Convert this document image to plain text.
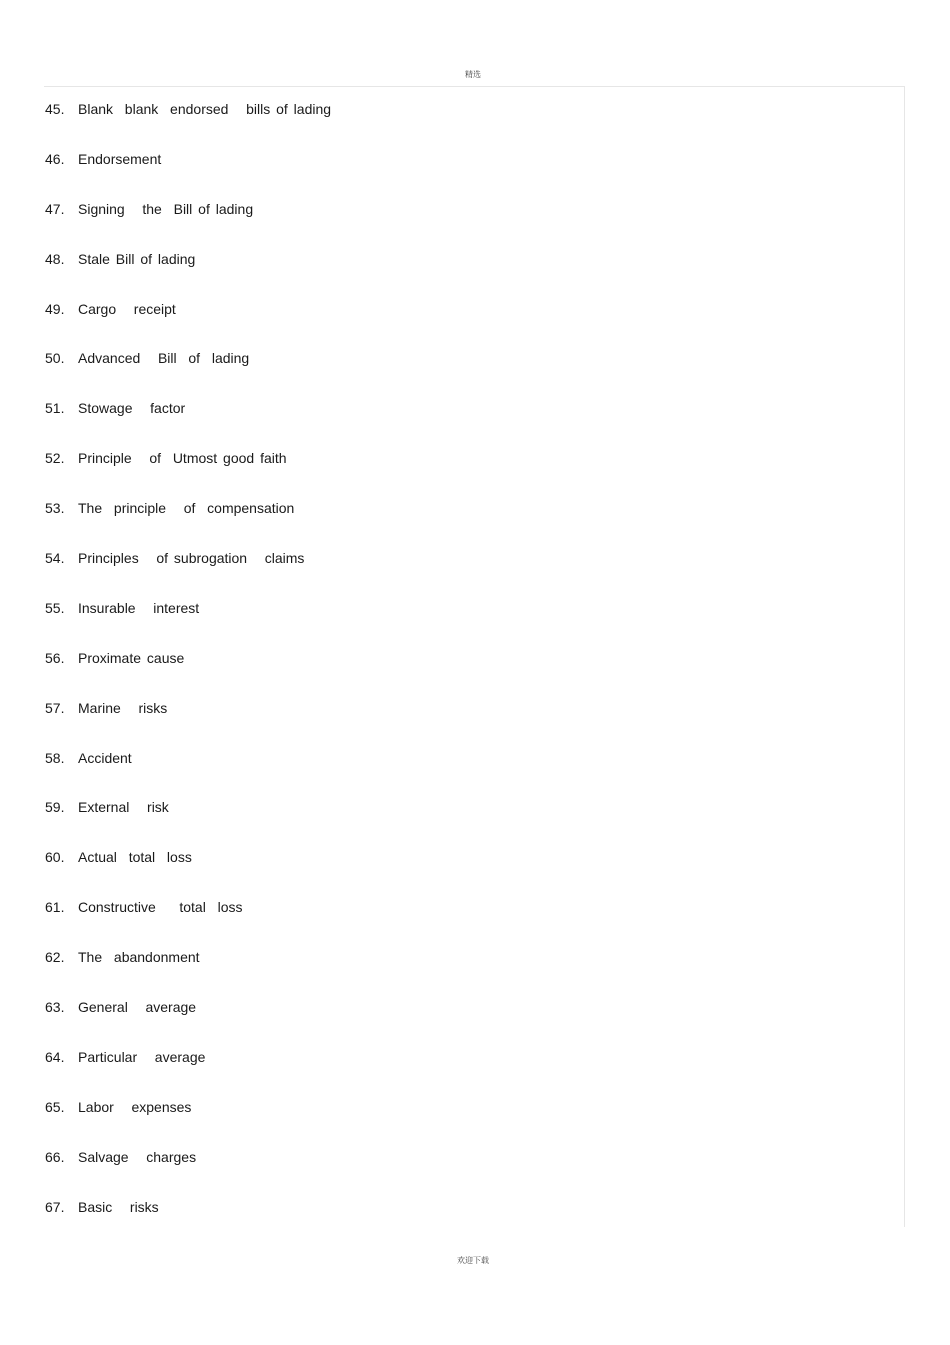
精选
45. Blank  blank  endorsed   bills of lading
46. Endorsement
47. Signing   the  Bill of lading
48. Stale Bill of lading
49. Cargo   receipt
50. Advanced   Bill  of  lading
51. Stowage   factor
52. Principle   of  Utmost good faith
53. The  principle   of  compensation
54. Principles   of subrogation   claims
55. Insurable   interest
56. Proximate cause
57. Marine   risks
58. Accident
59. External   risk
60. Actual  total  loss
61. Constructive    total  loss
62. The  abandonment
63. General   average
64. Particular   average
65. Labor   expenses
66. Salvage   charges
67. Basic   risks
欢迎下载
